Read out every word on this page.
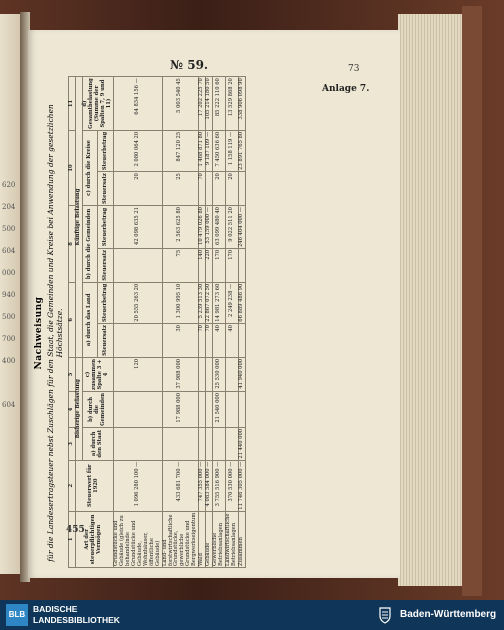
620
204
500
604
000
940
500
700
400

604
№ 59.	73
Anlage 7.
Nachweisung für die Landesertragsteuer nebst Zuschlägen für den Staat, die Gemeinden und Kreise bei Anwendung der gesetzlichen Höchstsätze.
1	2	3	4	5	6		8		10		11
Art der steuerpflichtigen Vermögen	Steuerwert für 1920	Bisherige Belastung			Künftige Belastung						
		a) durch den Staat	b) durch die Gemeinden	c) zusammen Spalte 3 + 4	a) durch das Land		b) durch die Gemeinden		c) durch die Kreise		d) Gesamtbelastung (Summe der Spalten 7, 9 und 11)
					Steuersatz	Steuerbetrag	Steuersatz	Steuerbetrag	Steuersatz	Steuerbetrag	
Grundstücke und Gebäude (gleich zu behandelnde Grundstücke und Gebäude, Wohnhäuser, öffentliche Gebäude)	1 096 280 100 —			120		20 555 263 20		42 098 635 21	20	2 080 064 20	64 834 156 —
Land- und forstwirtschaftliche Grundstücke, gewerbliche Grundstücke und Bergwerkseigentum	433 681 700 —		17 988 000	37 988 000	30	1 300 995 10	75	2 563 625 80	25	847 120 25	5 003 540 45
Wald	747 355 000 —				70	5 239 513 30	140	10 479 026 80	70	1 468 871 80	17 202 225 70
Gebäude	4 083 584 000 —				70	22 867 072 50	220	53 159 000 —		9 187 109 —	105 214 180 50
Gewerbliche Betriebsanlagen	3 755 516 900 —		21 540 000	25 530 000	40	14 981 273 60	170	63 099 480 40	20	7 450 636 60	85 222 110 60
Landwirtschaftliche Betriebsanlagen	370 530 000 —				40	2 249 238 —	170	9 022 511 20	20	1 158 119 —	13 529 868 20
Zusammen	11 746 305 000 —	21 440 000		41 940 000		66 889 486 90		246 404 000 —		23 891 765 80	338 906 098 90
455
BLB
BADISCHE
LANDESBIBLIOTHEK	Baden-Württemberg
